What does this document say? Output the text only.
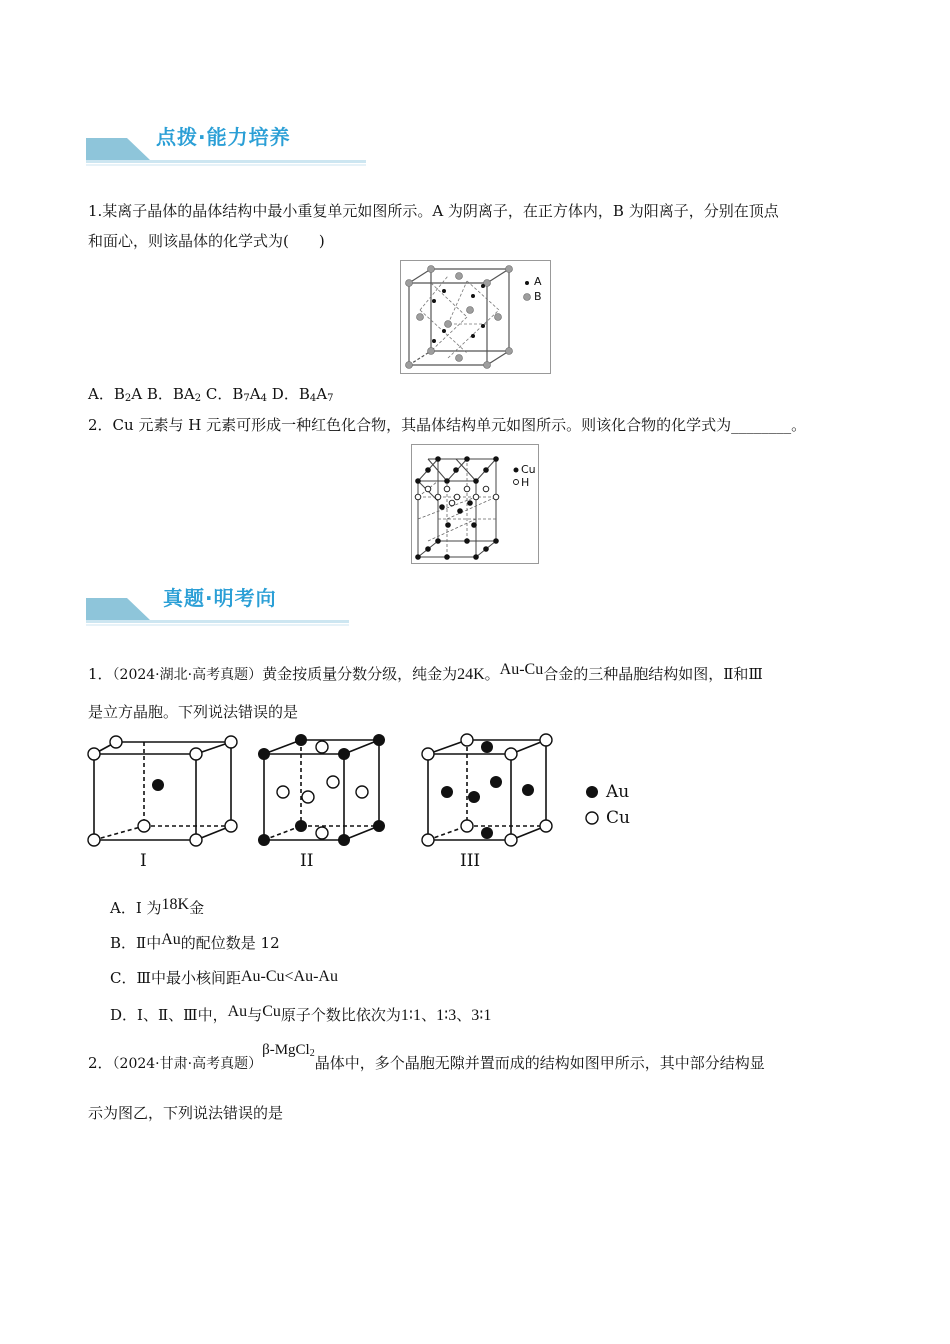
点拨·能力培养
1.某离子晶体的晶体结构中最小重复单元如图所示。A 为阴离子，在正方体内，B 为阳离子，分别在顶点
和面心，则该晶体的化学式为(　　)
A
B
A．$B_2A$ B．$BA_2$ C．$B_7A_4$ D．$B_4A_7$
2．Cu 元素与 H 元素可形成一种红色化合物，其晶体结构单元如图所示。则该化合物的化学式为________。
Cu
H
真题·明考向
1．（2024·湖北·高考真题）黄金按质量分数分级，纯金为24K。Au-Cu合金的三种晶胞结构如图，Ⅱ和Ⅲ
是立方晶胞。下列说法错误的是
Au
Cu
I	II	III
A．I 为18K金
B．Ⅱ中Au的配位数是 12
C．Ⅲ中最小核间距Au-Cu<Au-Au
D．I、Ⅱ、Ⅲ中，Au与Cu原子个数比依次为1∶1、1∶3、3∶1
2．（2024·甘肃·高考真题）β-MgCl$_2$晶体中，多个晶胞无隙并置而成的结构如图甲所示，其中部分结构显
示为图乙，下列说法错误的是
